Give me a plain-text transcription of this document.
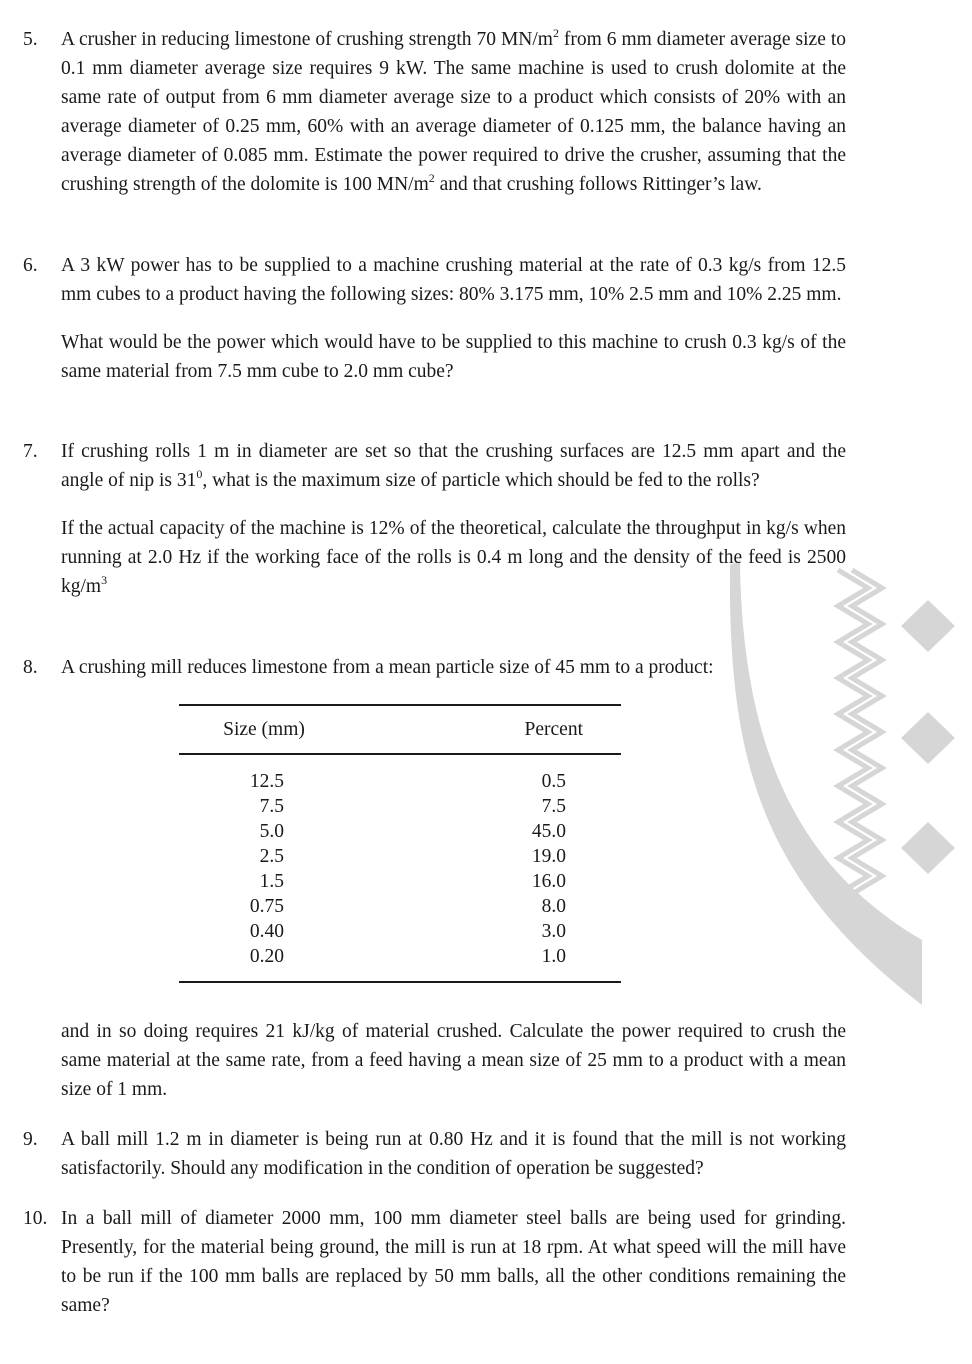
5.	A crusher in reducing limestone of crushing strength 70 $MN/m^2$ from 6 mm diameter average size to 0.1 mm diameter average size requires 9 kW. The same machine is used to crush dolomite at the same rate of output from 6 mm diameter average size to a product which consists of 20% with an average diameter of 0.25 mm, 60% with an average diameter of 0.125 mm, the balance having an average diameter of 0.085 mm. Estimate the power required to drive the crusher, assuming that the crushing strength of the dolomite is 100 $MN/m^2$ and that crushing follows Rittinger’s law.

6.	A 3 kW power has to be supplied to a machine crushing material at the rate of 0.3 kg/s from 12.5 mm cubes to a product having the following sizes: 80% 3.175 mm, 10% 2.5 mm and 10% 2.25 mm.

What would be the power which would have to be supplied to this machine to crush 0.3 kg/s of the same material from 7.5 mm cube to 2.0 mm cube?

7.	If crushing rolls 1 m in diameter are set so that the crushing surfaces are 12.5 mm apart and the angle of nip is $31^0$, what is the maximum size of particle which should be fed to the rolls?

If the actual capacity of the machine is 12% of the theoretical, calculate the throughput in kg/s when running at 2.0 Hz if the working face of the rolls is 0.4 m long and the density of the feed is 2500 $kg/m^3$

8.	A crushing mill reduces limestone from a mean particle size of 45 mm to a product:

Size (mm)	Percent
12.5	0.5
7.5	7.5
5.0	45.0
2.5	19.0
1.5	16.0
0.75	8.0
0.40	3.0
0.20	1.0

and in so doing requires 21 kJ/kg of material crushed. Calculate the power required to crush the same material at the same rate, from a feed having a mean size of 25 mm to a product with a mean size of 1 mm.

9.	A ball mill 1.2 m in diameter is being run at 0.80 Hz and it is found that the mill is not working satisfactorily. Should any modification in the condition of operation be suggested?

10. In a ball mill of diameter 2000 mm, 100 mm diameter steel balls are being used for grinding. Presently, for the material being ground, the mill is run at 18 rpm. At what speed will the mill have to be run if the 100 mm balls are replaced by 50 mm balls, all the other conditions remaining the same?
